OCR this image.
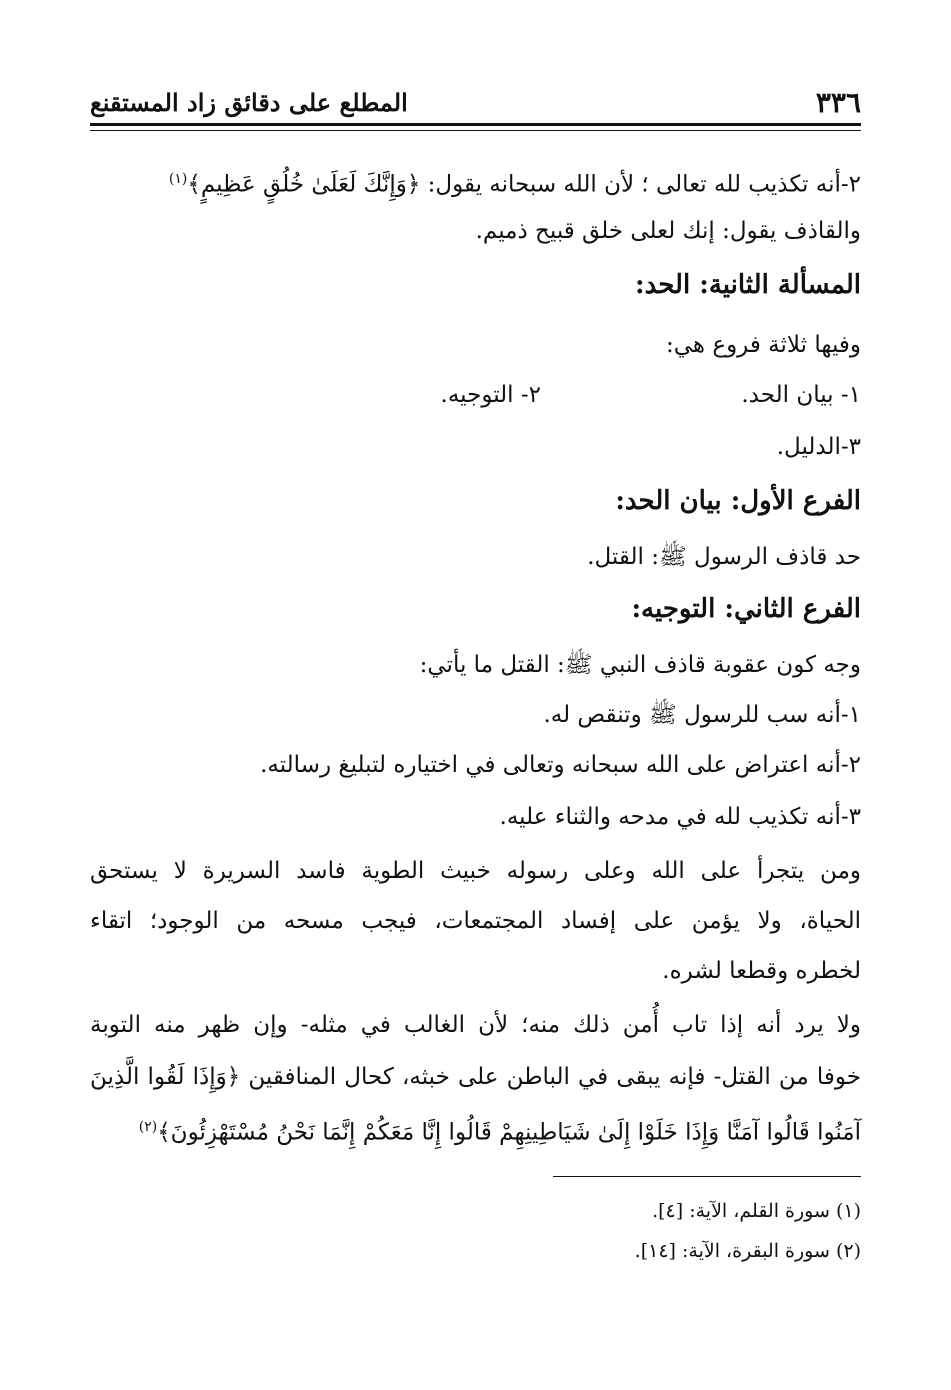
٣٣٦
المطلع على دقائق زاد المستقنع
٢-أنه تكذيب لله تعالى ؛ لأن الله سبحانه يقول: ﴿وَإِنَّكَ لَعَلَىٰ خُلُقٍ عَظِيمٍ﴾$^{(١)}$
والقاذف يقول: إنك لعلى خلق قبيح ذميم.
المسألة الثانية: الحد:
وفيها ثلاثة فروع هي:
١- بيان الحد.
٢- التوجيه.
٣-الدليل.
الفرع الأول: بيان الحد:
حد قاذف الرسول ﷺ: القتل.
الفرع الثاني: التوجيه:
وجه كون عقوبة قاذف النبي ﷺ: القتل ما يأتي:
١-أنه سب للرسول ﷺ وتنقص له.
٢-أنه اعتراض على الله سبحانه وتعالى في اختياره لتبليغ رسالته.
٣-أنه تكذيب لله في مدحه والثناء عليه.
ومن يتجرأ على الله وعلى رسوله خبيث الطوية فاسد السريرة لا يستحق
الحياة، ولا يؤمن على إفساد المجتمعات، فيجب مسحه من الوجود؛ اتقاء
لخطره وقطعا لشره.
ولا يرد أنه إذا تاب أُمن ذلك منه؛ لأن الغالب في مثله- وإن ظهر منه التوبة
خوفا من القتل- فإنه يبقى في الباطن على خبثه، كحال المنافقين ﴿وَإِذَا لَقُوا الَّذِينَ
آمَنُوا قَالُوا آمَنَّا وَإِذَا خَلَوْا إِلَىٰ شَيَاطِينِهِمْ قَالُوا إِنَّا مَعَكُمْ إِنَّمَا نَحْنُ مُسْتَهْزِئُونَ﴾$^{(٢)}$
(١) سورة القلم، الآية: [٤].
(٢) سورة البقرة، الآية: [١٤].
